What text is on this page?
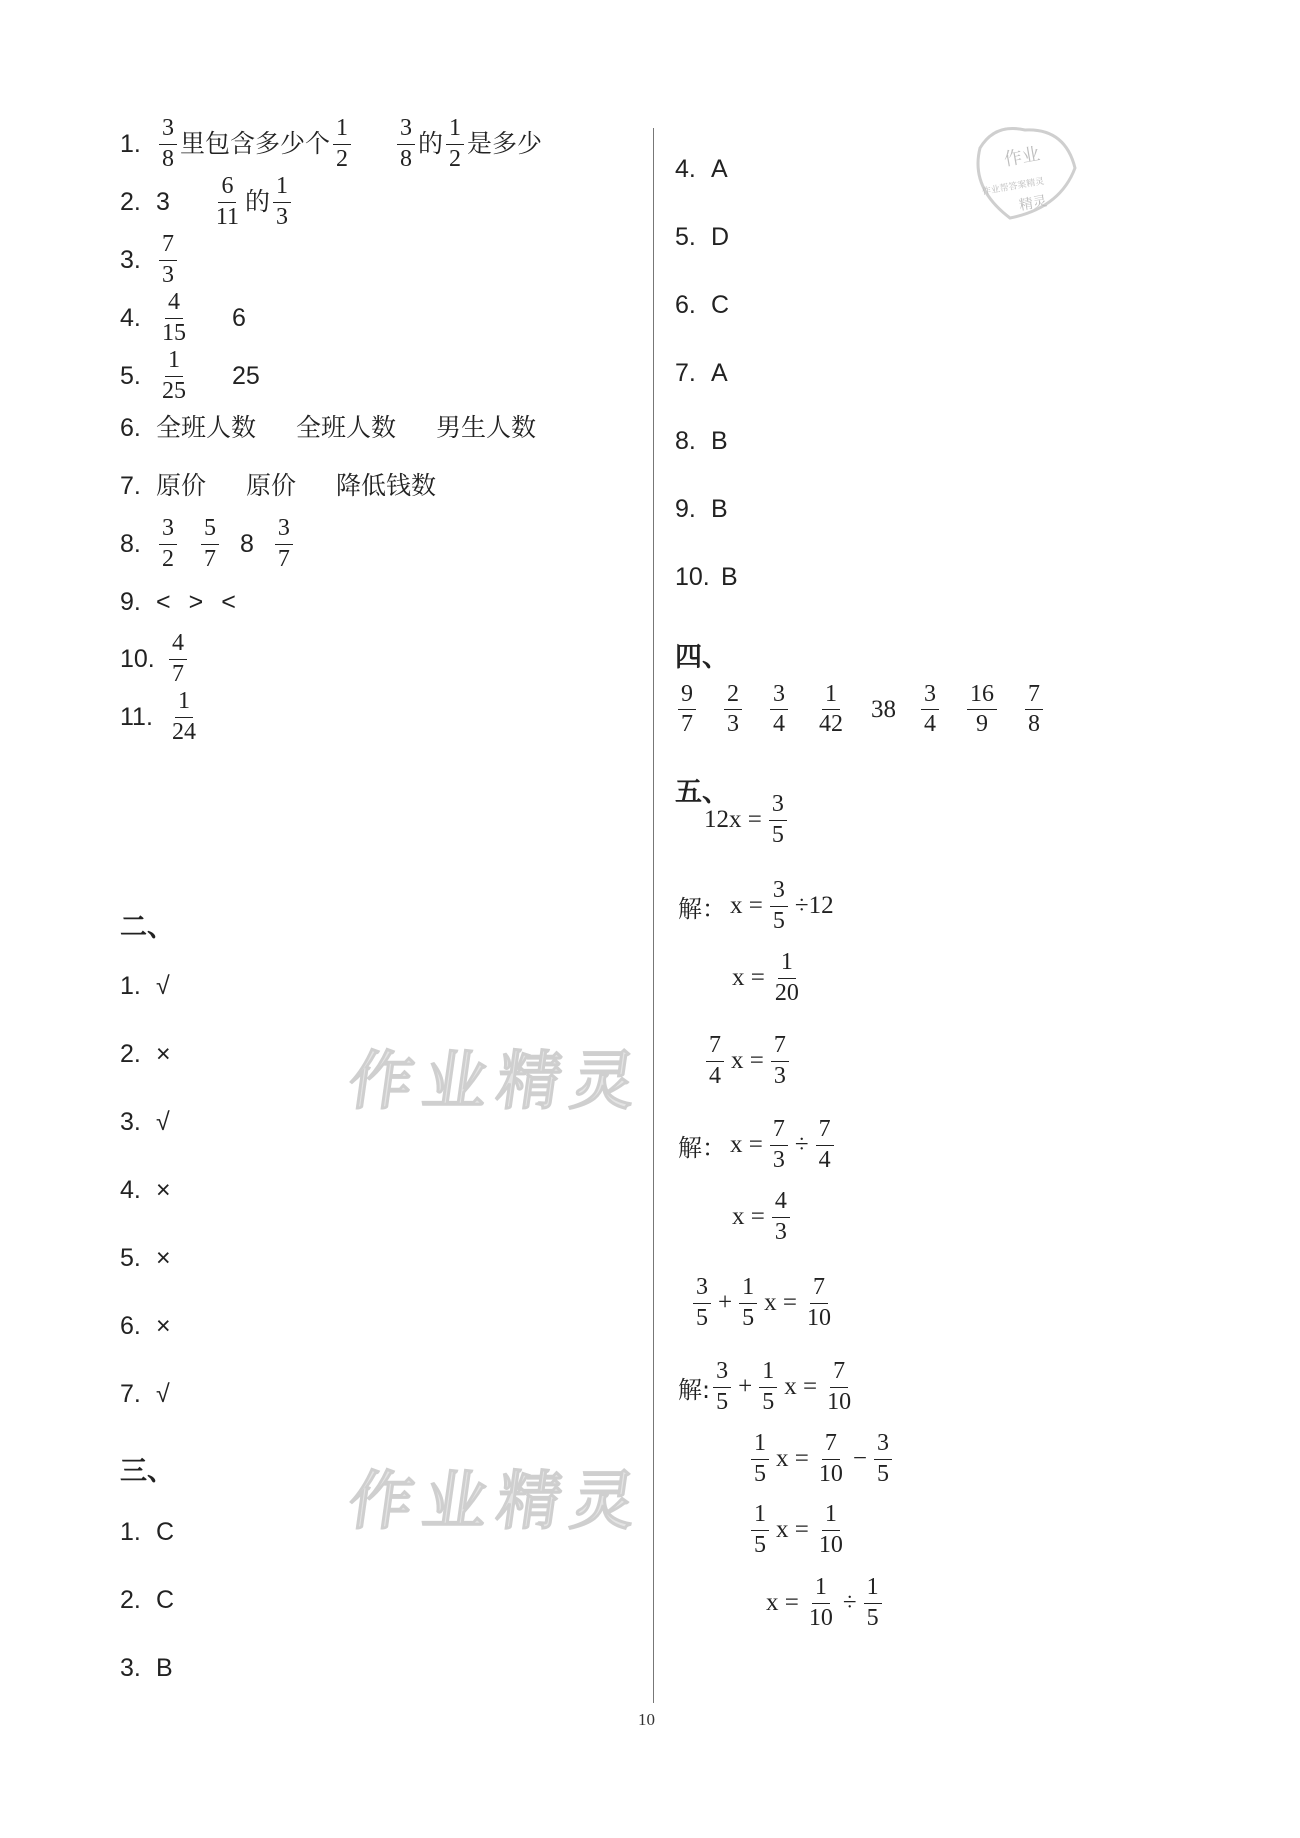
1. $\frac{3}{8}$ 里包含多少个 $\frac{1}{2} \frac{3}{8}$ 的 $\frac{1}{2}$ 是多少
2. $3 \frac{6}{11}$ 的 $\frac{1}{3}$
3. $\frac{7}{3}$
4. $\frac{4}{15} 6$
5. $\frac{1}{25} 25$
6. 全班人数 全班人数 男生人数
7. 原价 原价 降低钱数
8. $\frac{3}{2} \frac{5}{7} 8 \frac{3}{7}$
9. < > <
10. $\frac{4}{7}$
11. $\frac{1}{24}$
二、
1. √
2. ×
3. √
4. ×
5. ×
6. ×
7. √
三、
1. C
2. C
3. B
4. A
5. D
6. C
7. A
8. B
9. B
10. B
四、
$\frac{9}{7} \frac{2}{3} \frac{3}{4} \frac{1}{42} 38 \frac{3}{4} \frac{16}{9} \frac{7}{8}$
五、
$12x = \frac{3}{5}$
解： $x = \frac{3}{5} \div 12$
$x = \frac{1}{20}$
$\frac{7}{4}$ $x = \frac{7}{3}$
解： $x = \frac{7}{3} \div \frac{7}{4}$
$x = \frac{4}{3}$
$\frac{3}{5} + \frac{1}{5}$ $x = \frac{7}{10}$
解: $\frac{3}{5} + \frac{1}{5}$ $x = \frac{7}{10}$
$\frac{1}{5}$ $x = \frac{7}{10} - \frac{3}{5}$
$\frac{1}{5}$ $x = \frac{1}{10}$
$x = \frac{1}{10} \div \frac{1}{5}$
作业精灵
作业精灵
作业
作业帮答案精灵
精灵
10
